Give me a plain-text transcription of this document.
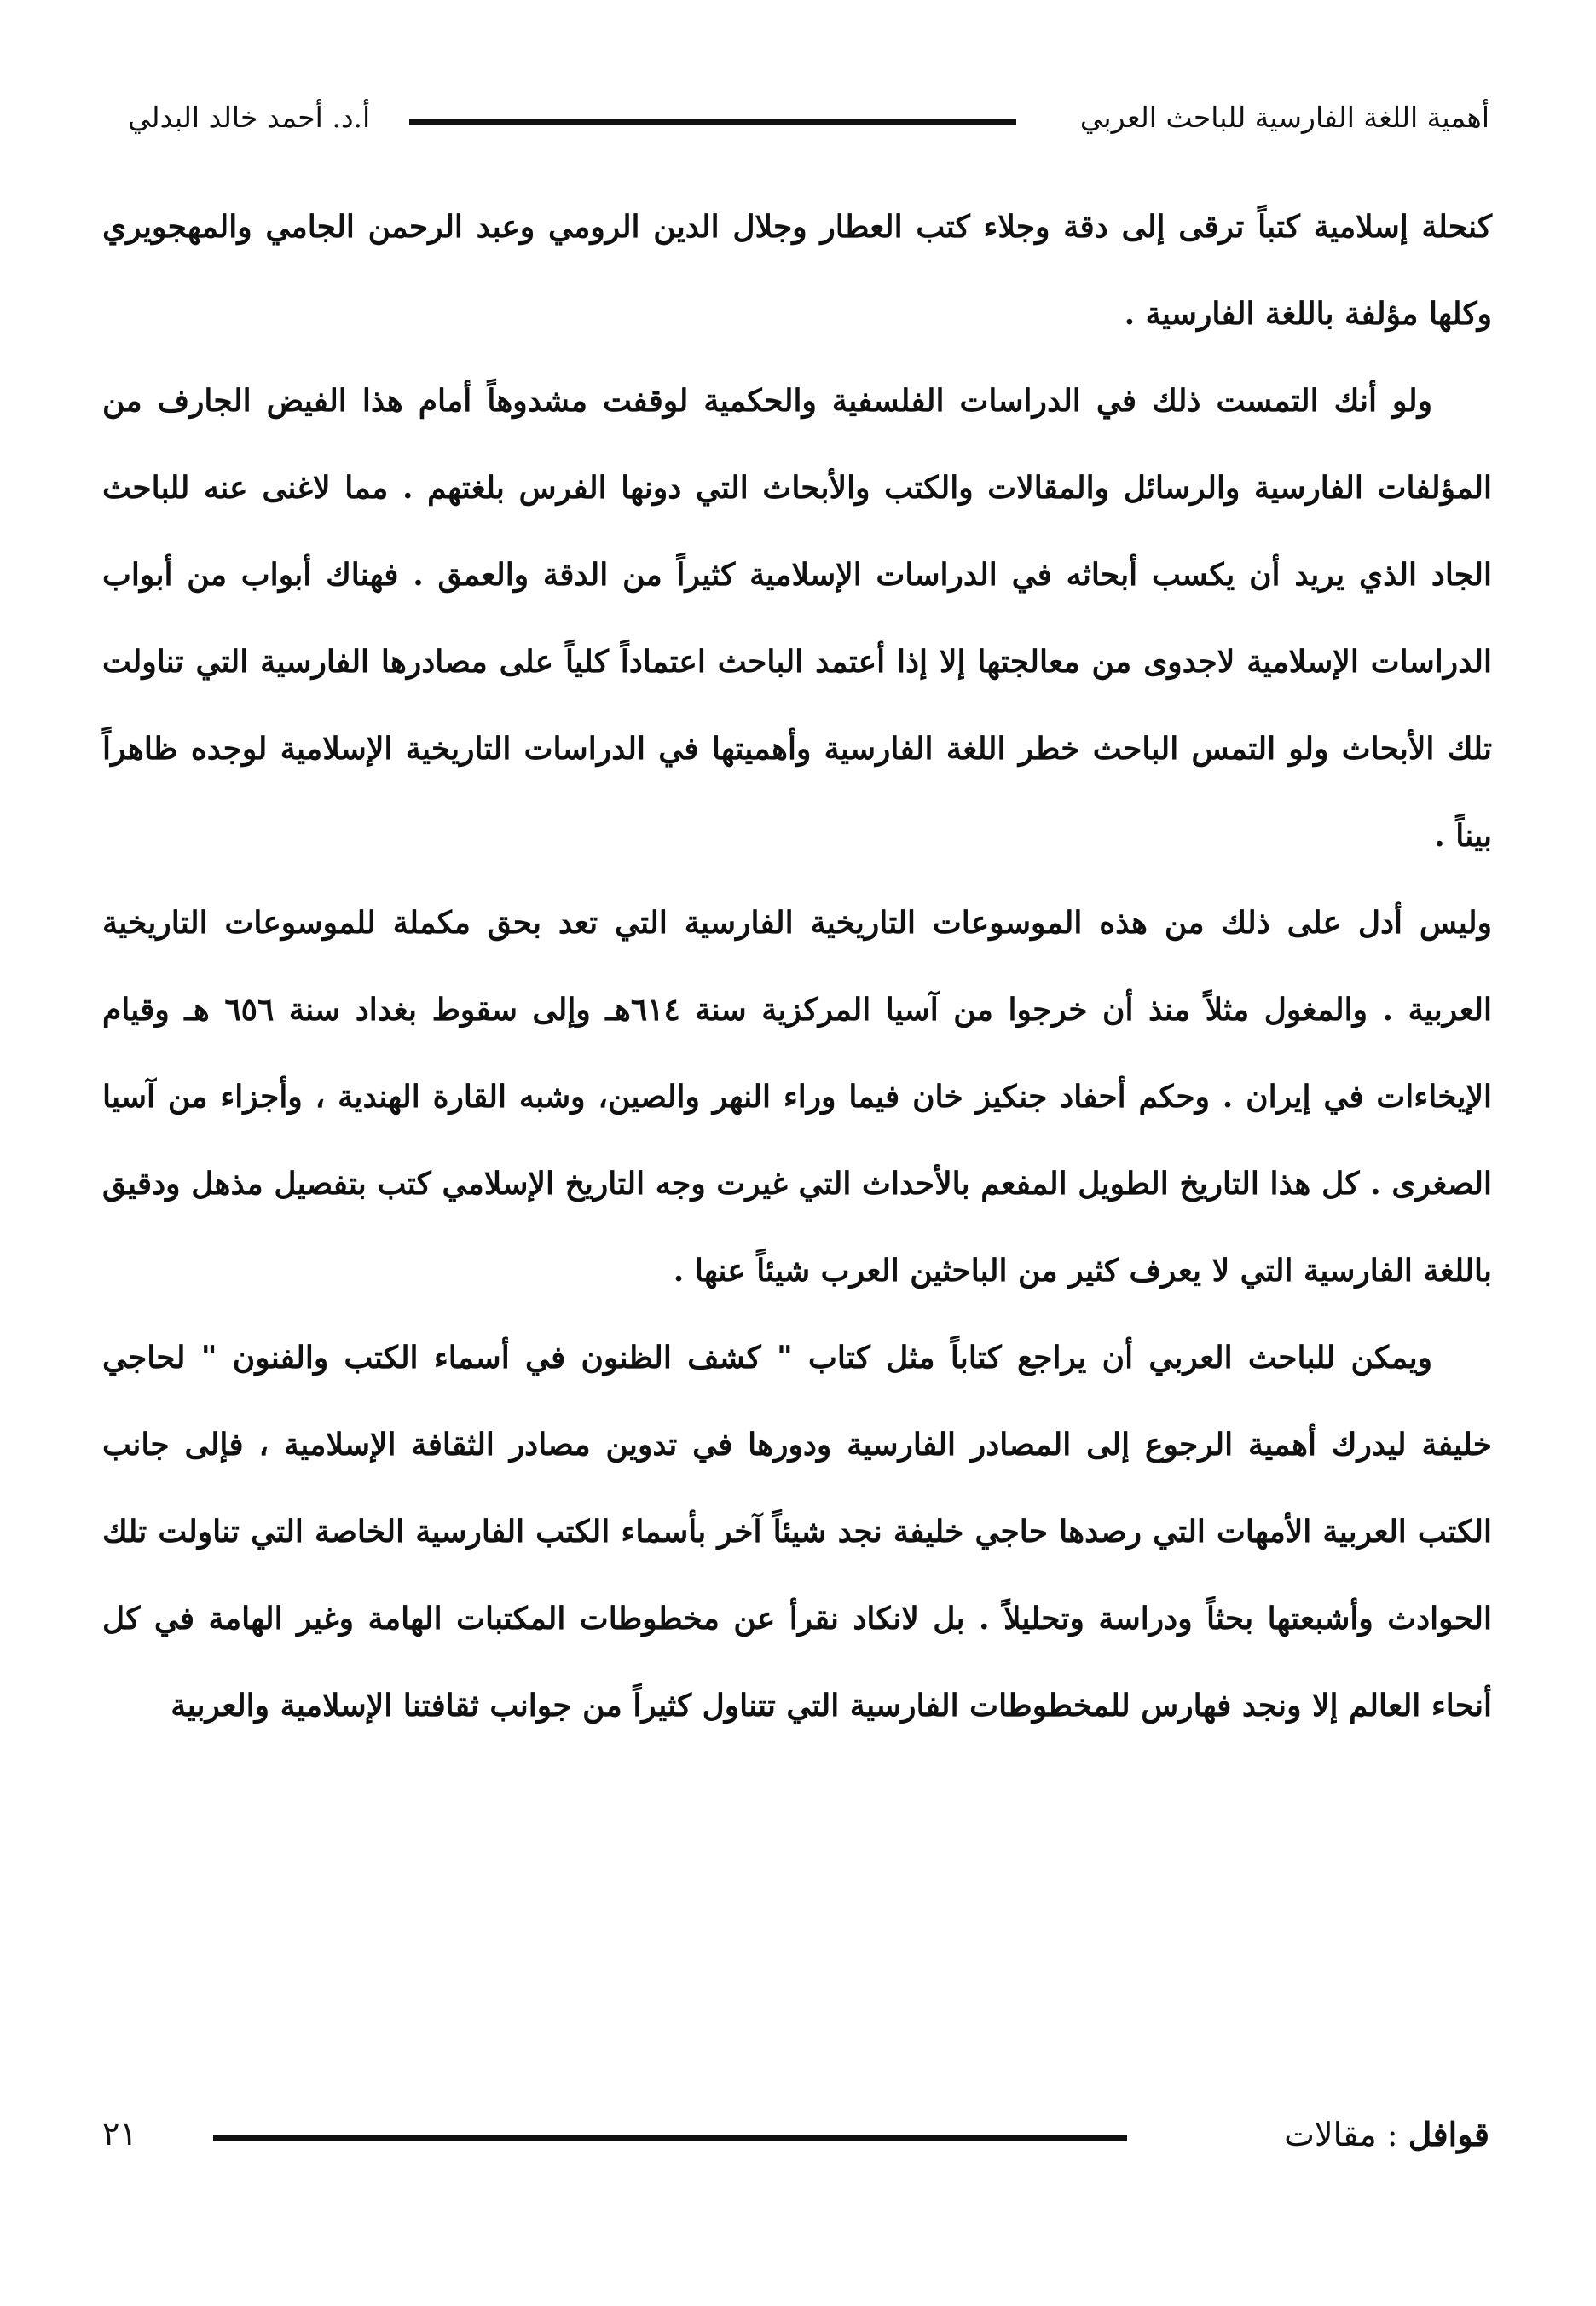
أ.د. أحمد خالد البدلي	أهمية اللغة الفارسية للباحث العربي

كنحلة إسلامية كتباً ترقى إلى دقة وجلاء كتب العطار وجلال الدين الرومي وعبد الرحمن الجامي والمهجويري وكلها مؤلفة باللغة الفارسية .

ولو أنك التمست ذلك في الدراسات الفلسفية والحكمية لوقفت مشدوهاً أمام هذا الفيض الجارف من المؤلفات الفارسية والرسائل والمقالات والكتب والأبحاث التي دونها الفرس بلغتهم . مما لاغنى عنه للباحث الجاد الذي يريد أن يكسب أبحاثه في الدراسات الإسلامية كثيراً من الدقة والعمق . فهناك أبواب من أبواب الدراسات الإسلامية لاجدوى من معالجتها إلا إذا أعتمد الباحث اعتماداً كلياً على مصادرها الفارسية التي تناولت تلك الأبحاث ولو التمس الباحث خطر اللغة الفارسية وأهميتها في الدراسات التاريخية الإسلامية لوجده ظاهراً بيناً .

وليس أدل على ذلك من هذه الموسوعات التاريخية الفارسية التي تعد بحق مكملة للموسوعات التاريخية العربية . والمغول مثلاً منذ أن خرجوا من آسيا المركزية سنة ٦١٤هـ وإلى سقوط بغداد سنة ٦٥٦ هـ وقيام الإيخاءات في إيران . وحكم أحفاد جنكيز خان فيما وراء النهر والصين، وشبه القارة الهندية ، وأجزاء من آسيا الصغرى . كل هذا التاريخ الطويل المفعم بالأحداث التي غيرت وجه التاريخ الإسلامي كتب بتفصيل مذهل ودقيق باللغة الفارسية التي لا يعرف كثير من الباحثين العرب شيئاً عنها .

ويمكن للباحث العربي أن يراجع كتاباً مثل كتاب " كشف الظنون في أسماء الكتب والفنون " لحاجي خليفة ليدرك أهمية الرجوع إلى المصادر الفارسية ودورها في تدوين مصادر الثقافة الإسلامية ، فإلى جانب الكتب العربية الأمهات التي رصدها حاجي خليفة نجد شيئاً آخر بأسماء الكتب الفارسية الخاصة التي تناولت تلك الحوادث وأشبعتها بحثاً ودراسة وتحليلاً . بل لانكاد نقرأ عن مخطوطات المكتبات الهامة وغير الهامة في كل أنحاء العالم إلا ونجد فهارس للمخطوطات الفارسية التي تتناول كثيراً من جوانب ثقافتنا الإسلامية والعربية

قوافل : مقالات
٢١
